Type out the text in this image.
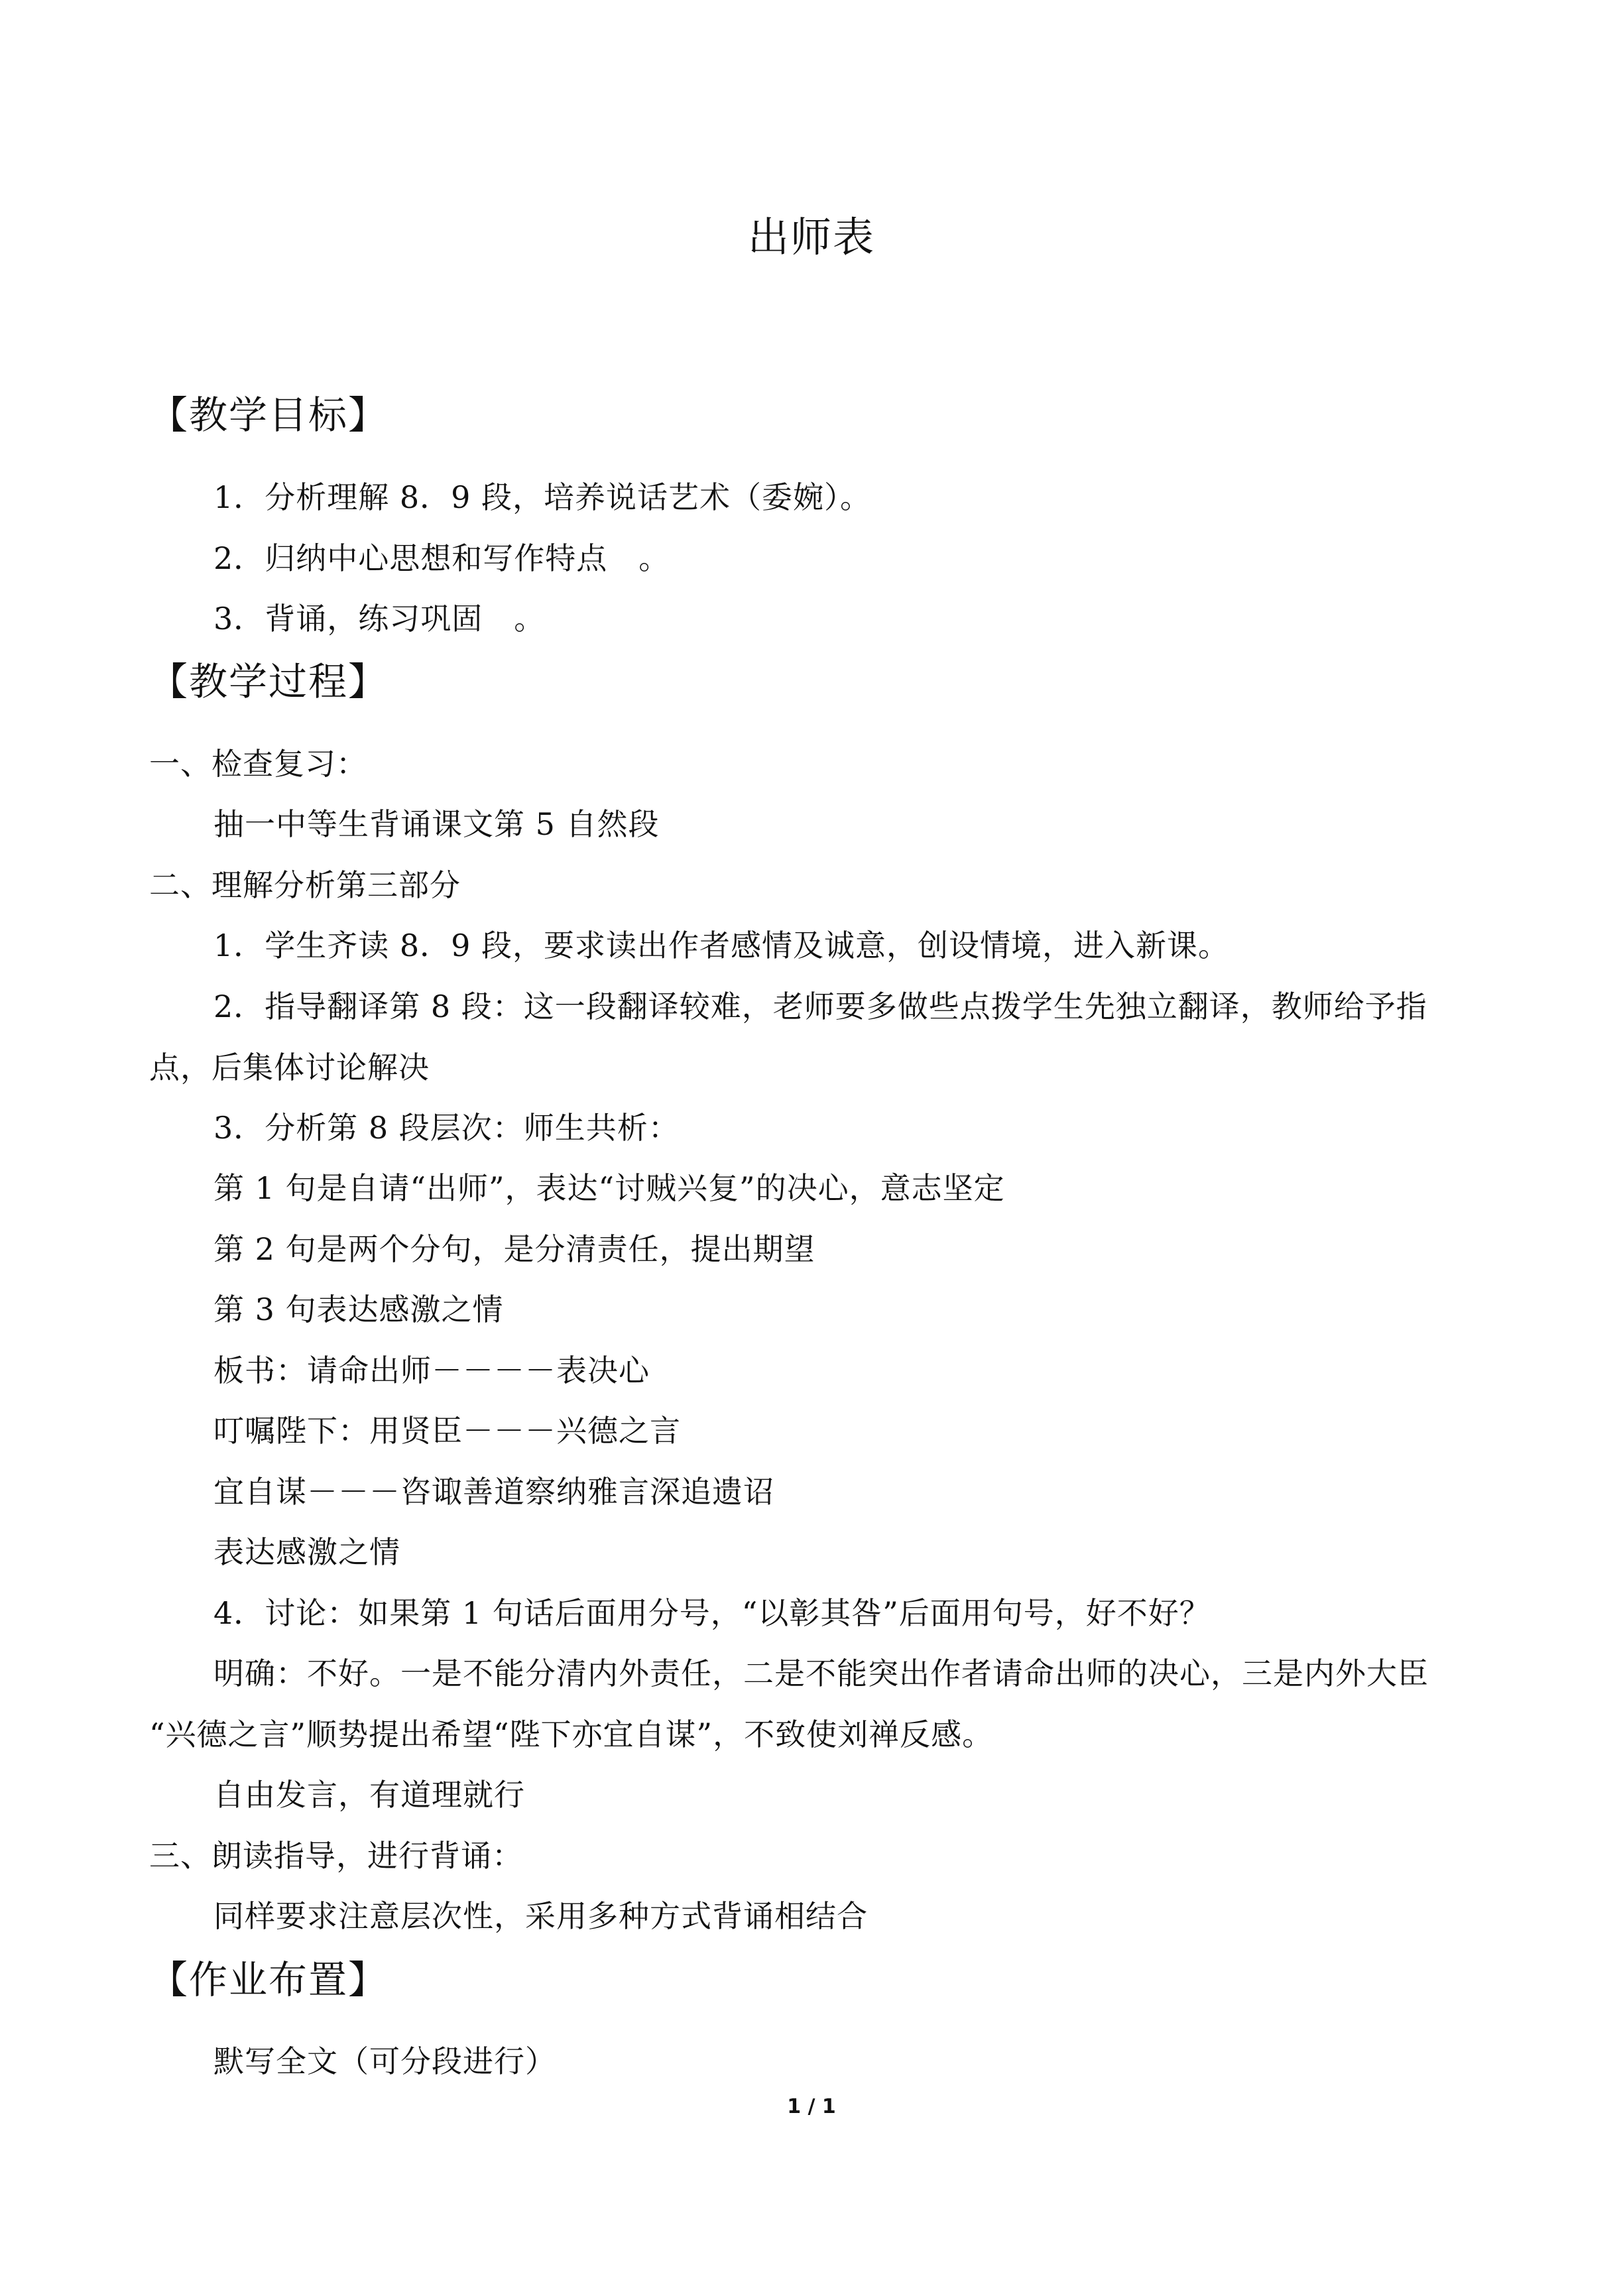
出师表
【教学目标】
1．分析理解 8．9 段，培养说话艺术（委婉）。
2．归纳中心思想和写作特点　。
3．背诵，练习巩固　。
【教学过程】
一、检查复习：
抽一中等生背诵课文第 5 自然段
二、理解分析第三部分
1．学生齐读 8．9 段，要求读出作者感情及诚意，创设情境，进入新课。
2．指导翻译第 8 段：这一段翻译较难，老师要多做些点拨学生先独立翻译，教师给予指
点，后集体讨论解决
3．分析第 8 段层次：师生共析：
第 1 句是自请“出师”，表达“讨贼兴复”的决心，意志坚定
第 2 句是两个分句，是分清责任，提出期望
第 3 句表达感激之情
板书：请命出师－－－－表决心
叮嘱陛下：用贤臣－－－兴德之言
宜自谋－－－咨诹善道察纳雅言深追遗诏
表达感激之情
4．讨论：如果第 1 句话后面用分号，“以彰其咎”后面用句号，好不好？
明确：不好。一是不能分清内外责任，二是不能突出作者请命出师的决心，三是内外大臣
“兴德之言”顺势提出希望“陛下亦宜自谋”，不致使刘禅反感。
自由发言，有道理就行
三、朗读指导，进行背诵：
同样要求注意层次性，采用多种方式背诵相结合
【作业布置】
默写全文（可分段进行）
1 / 1
